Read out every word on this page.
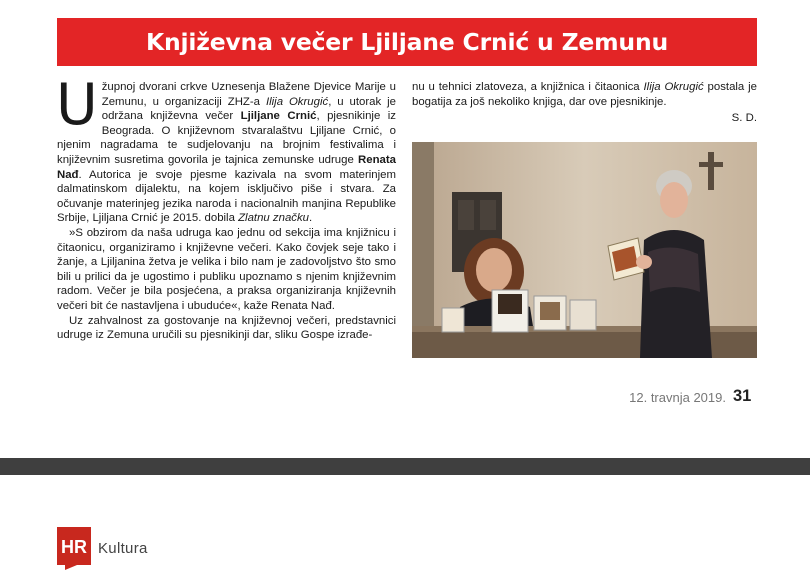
Književna večer Ljiljane Crnić u Zemunu

Užupnoj dvorani crkve Uznesenja Blažene Djevice Marije u Zemunu, u organizaciji ZHZ-a Ilija Okrugić, u utorak je održana književna večer Ljiljane Crnić, pjesnikinje iz Beograda. O književnom stvaralaštvu Ljiljane Crnić, o njenim nagradama te sudjelovanju na brojnim festivalima i književnim susretima govorila je tajnica zemunske udruge Renata Nađ. Autorica je svoje pjesme kazivala na svom materinjem dalmatinskom dijalektu, na kojem isključivo piše i stvara. Za očuvanje materinjeg jezika naroda i nacionalnih manjina Republike Srbije, Ljiljana Crnić je 2015. dobila Zlatnu značku.

»S obzirom da naša udruga kao jednu od sekcija ima knjižnicu i čitaonicu, organiziramo i književne večeri. Kako čovjek seje tako i žanje, a Ljiljanina žetva je velika i bilo nam je zadovoljstvo što smo bili u prilici da je ugostimo i publiku upoznamo s njenim književnim radom. Večer je bila posjećena, a praksa organiziranja književnih večeri bit će nastavljena i ubuduće«, kaže Renata Nađ.

Uz zahvalnost za gostovanje na književnoj večeri, predstavnici udruge iz Zemuna uručili su pjesnikinji dar, sliku Gospe izrađe-

nu u tehnici zlatoveza, a knjižnica i čitaonica Ilija Okrugić postala je bogatija za još nekoliko knjiga, dar ove pjesnikinje.

S. D.

12. travnja 2019. 31
HR Kultura
